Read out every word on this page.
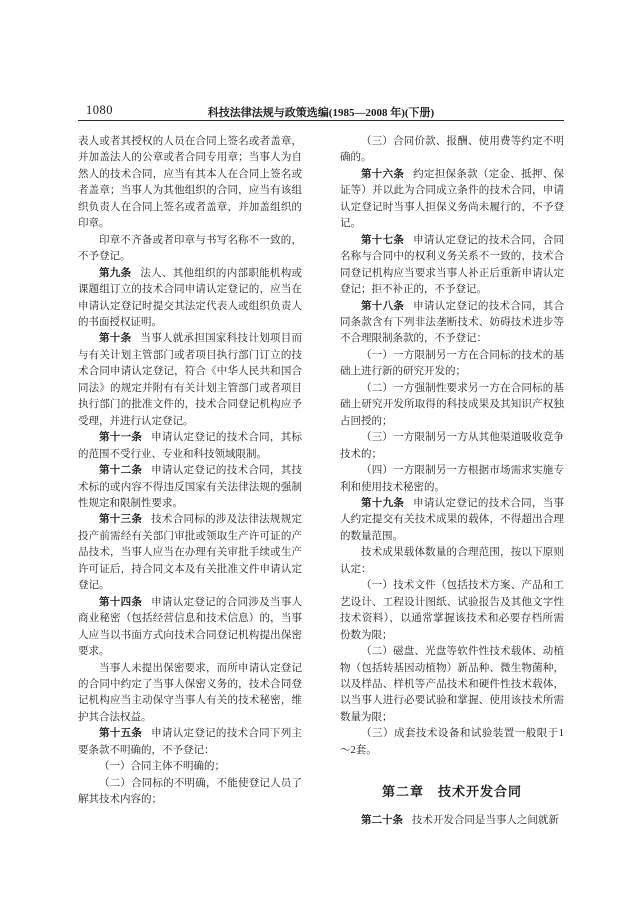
1080	科技法律法规与政策选编(1985—2008 年)(下册)

表人或者其授权的人员在合同上签名或者盖章，并加盖法人的公章或者合同专用章；当事人为自然人的技术合同，应当有其本人在合同上签名或者盖章；当事人为其他组织的合同，应当有该组织负责人在合同上签名或者盖章，并加盖组织的印章。

印章不齐备或者印章与书写名称不一致的，不予登记。

第九条 法人、其他组织的内部职能机构或课题组订立的技术合同申请认定登记的，应当在申请认定登记时提交其法定代表人或组织负责人的书面授权证明。

第十条 当事人就承担国家科技计划项目而与有关计划主管部门或者项目执行部门订立的技术合同申请认定登记，符合《中华人民共和国合同法》的规定并附有有关计划主管部门或者项目执行部门的批准文件的，技术合同登记机构应予受理，并进行认定登记。

第十一条 申请认定登记的技术合同，其标的范围不受行业、专业和科技领域限制。

第十二条 申请认定登记的技术合同，其技术标的或内容不得违反国家有关法律法规的强制性规定和限制性要求。

第十三条 技术合同标的涉及法律法规规定投产前需经有关部门审批或领取生产许可证的产品技术，当事人应当在办理有关审批手续或生产许可证后，持合同文本及有关批准文件申请认定登记。

第十四条 申请认定登记的合同涉及当事人商业秘密（包括经营信息和技术信息）的，当事人应当以书面方式向技术合同登记机构提出保密要求。

当事人未提出保密要求，而所申请认定登记的合同中约定了当事人保密义务的，技术合同登记机构应当主动保守当事人有关的技术秘密，维护其合法权益。

第十五条 申请认定登记的技术合同下列主要条款不明确的，不予登记：

（一）合同主体不明确的；

（二）合同标的不明确，不能使登记人员了解其技术内容的；

（三）合同价款、报酬、使用费等约定不明确的。

第十六条 约定担保条款（定金、抵押、保证等）并以此为合同成立条件的技术合同，申请认定登记时当事人担保义务尚未履行的，不予登记。

第十七条 申请认定登记的技术合同，合同名称与合同中的权利义务关系不一致的，技术合同登记机构应当要求当事人补正后重新申请认定登记；拒不补正的，不予登记。

第十八条 申请认定登记的技术合同，其合同条款含有下列非法垄断技术、妨碍技术进步等不合理限制条款的，不予登记：

（一）一方限制另一方在合同标的技术的基础上进行新的研究开发的；

（二）一方强制性要求另一方在合同标的基础上研究开发所取得的科技成果及其知识产权独占回授的；

（三）一方限制另一方从其他渠道吸收竞争技术的；

（四）一方限制另一方根据市场需求实施专利和使用技术秘密的。

第十九条 申请认定登记的技术合同，当事人约定提交有关技术成果的载体，不得超出合理的数量范围。

技术成果载体数量的合理范围，按以下原则认定：

（一）技术文件（包括技术方案、产品和工艺设计、工程设计图纸、试验报告及其他文字性技术资料），以通常掌握该技术和必要存档所需份数为限；

（二）磁盘、光盘等软件性技术载体、动植物（包括转基因动植物）新品种、微生物菌种，以及样品、样机等产品技术和硬件性技术载体，以当事人进行必要试验和掌握、使用该技术所需数量为限；

（三）成套技术设备和试验装置一般限于1～2套。

第二章　技术开发合同

第二十条 技术开发合同是当事人之间就新
